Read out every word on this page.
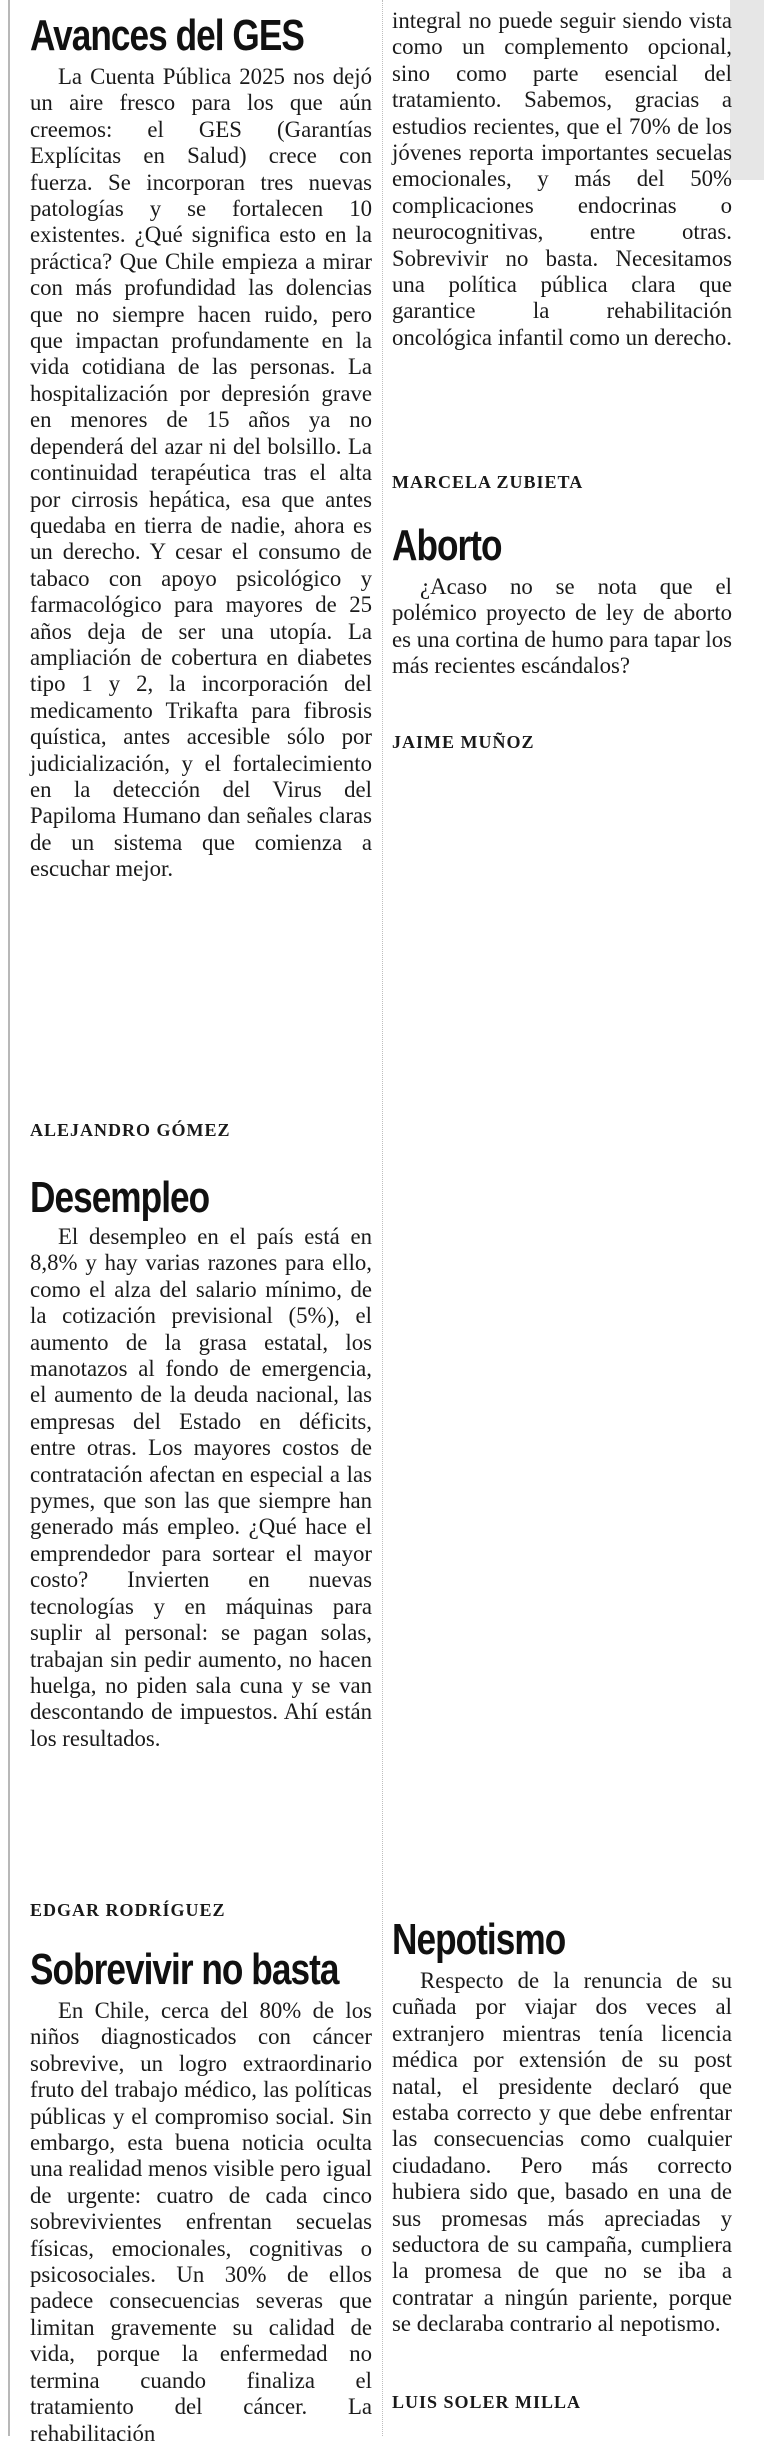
Avances del GES

La Cuenta Pública 2025 nos dejó un aire fresco para los que aún creemos: el GES (Garantías Explícitas en Salud) crece con fuerza. Se incorporan tres nuevas patologías y se fortalecen 10 existentes. ¿Qué significa esto en la práctica? Que Chile empieza a mirar con más profundidad las dolencias que no siempre hacen ruido, pero que impactan profundamente en la vida cotidiana de las personas. La hospitalización por depresión grave en menores de 15 años ya no dependerá del azar ni del bolsillo. La continuidad terapéutica tras el alta por cirrosis hepática, esa que antes quedaba en tierra de nadie, ahora es un derecho. Y cesar el consumo de tabaco con apoyo psicológico y farmacológico para mayores de 25 años deja de ser una utopía. La ampliación de cobertura en diabetes tipo 1 y 2, la incorporación del medicamento Trikafta para fibrosis quística, antes accesible sólo por judicialización, y el fortalecimiento en la detección del Virus del Papiloma Humano dan señales claras de un sistema que comienza a escuchar mejor.

ALEJANDRO GÓMEZ

Desempleo

El desempleo en el país está en 8,8% y hay varias razones para ello, como el alza del salario mínimo, de la cotización previsional (5%), el aumento de la grasa estatal, los manotazos al fondo de emergencia, el aumento de la deuda nacional, las empresas del Estado en déficits, entre otras. Los mayores costos de contratación afectan en especial a las pymes, que son las que siempre han generado más empleo. ¿Qué hace el emprendedor para sortear el mayor costo? Invierten en nuevas tecnologías y en máquinas para suplir al personal: se pagan solas, trabajan sin pedir aumento, no hacen huelga, no piden sala cuna y se van descontando de impuestos. Ahí están los resultados.

EDGAR RODRÍGUEZ

Sobrevivir no basta

En Chile, cerca del 80% de los niños diagnosticados con cáncer sobrevive, un logro extraordinario fruto del trabajo médico, las políticas públicas y el compromiso social. Sin embargo, esta buena noticia oculta una realidad menos visible pero igual de urgente: cuatro de cada cinco sobrevivientes enfrentan secuelas físicas, emocionales, cognitivas o psicosociales. Un 30% de ellos padece consecuencias severas que limitan gravemente su calidad de vida, porque la enfermedad no termina cuando finaliza el tratamiento del cáncer. La rehabilitación

integral no puede seguir siendo vista como un complemento opcional, sino como parte esencial del tratamiento. Sabemos, gracias a estudios recientes, que el 70% de los jóvenes reporta importantes secuelas emocionales, y más del 50% complicaciones endocrinas o neurocognitivas, entre otras. Sobrevivir no basta. Necesitamos una política pública clara que garantice la rehabilitación oncológica infantil como un derecho.

MARCELA ZUBIETA

Aborto

¿Acaso no se nota que el polémico proyecto de ley de aborto es una cortina de humo para tapar los más recientes escándalos?

JAIME MUÑOZ

Nepotismo

Respecto de la renuncia de su cuñada por viajar dos veces al extranjero mientras tenía licencia médica por extensión de su post natal, el presidente declaró que estaba correcto y que debe enfrentar las consecuencias como cualquier ciudadano. Pero más correcto hubiera sido que, basado en una de sus promesas más apreciadas y seductora de su campaña, cumpliera la promesa de que no se iba a contratar a ningún pariente, porque se declaraba contrario al nepotismo.

LUIS SOLER MILLA
